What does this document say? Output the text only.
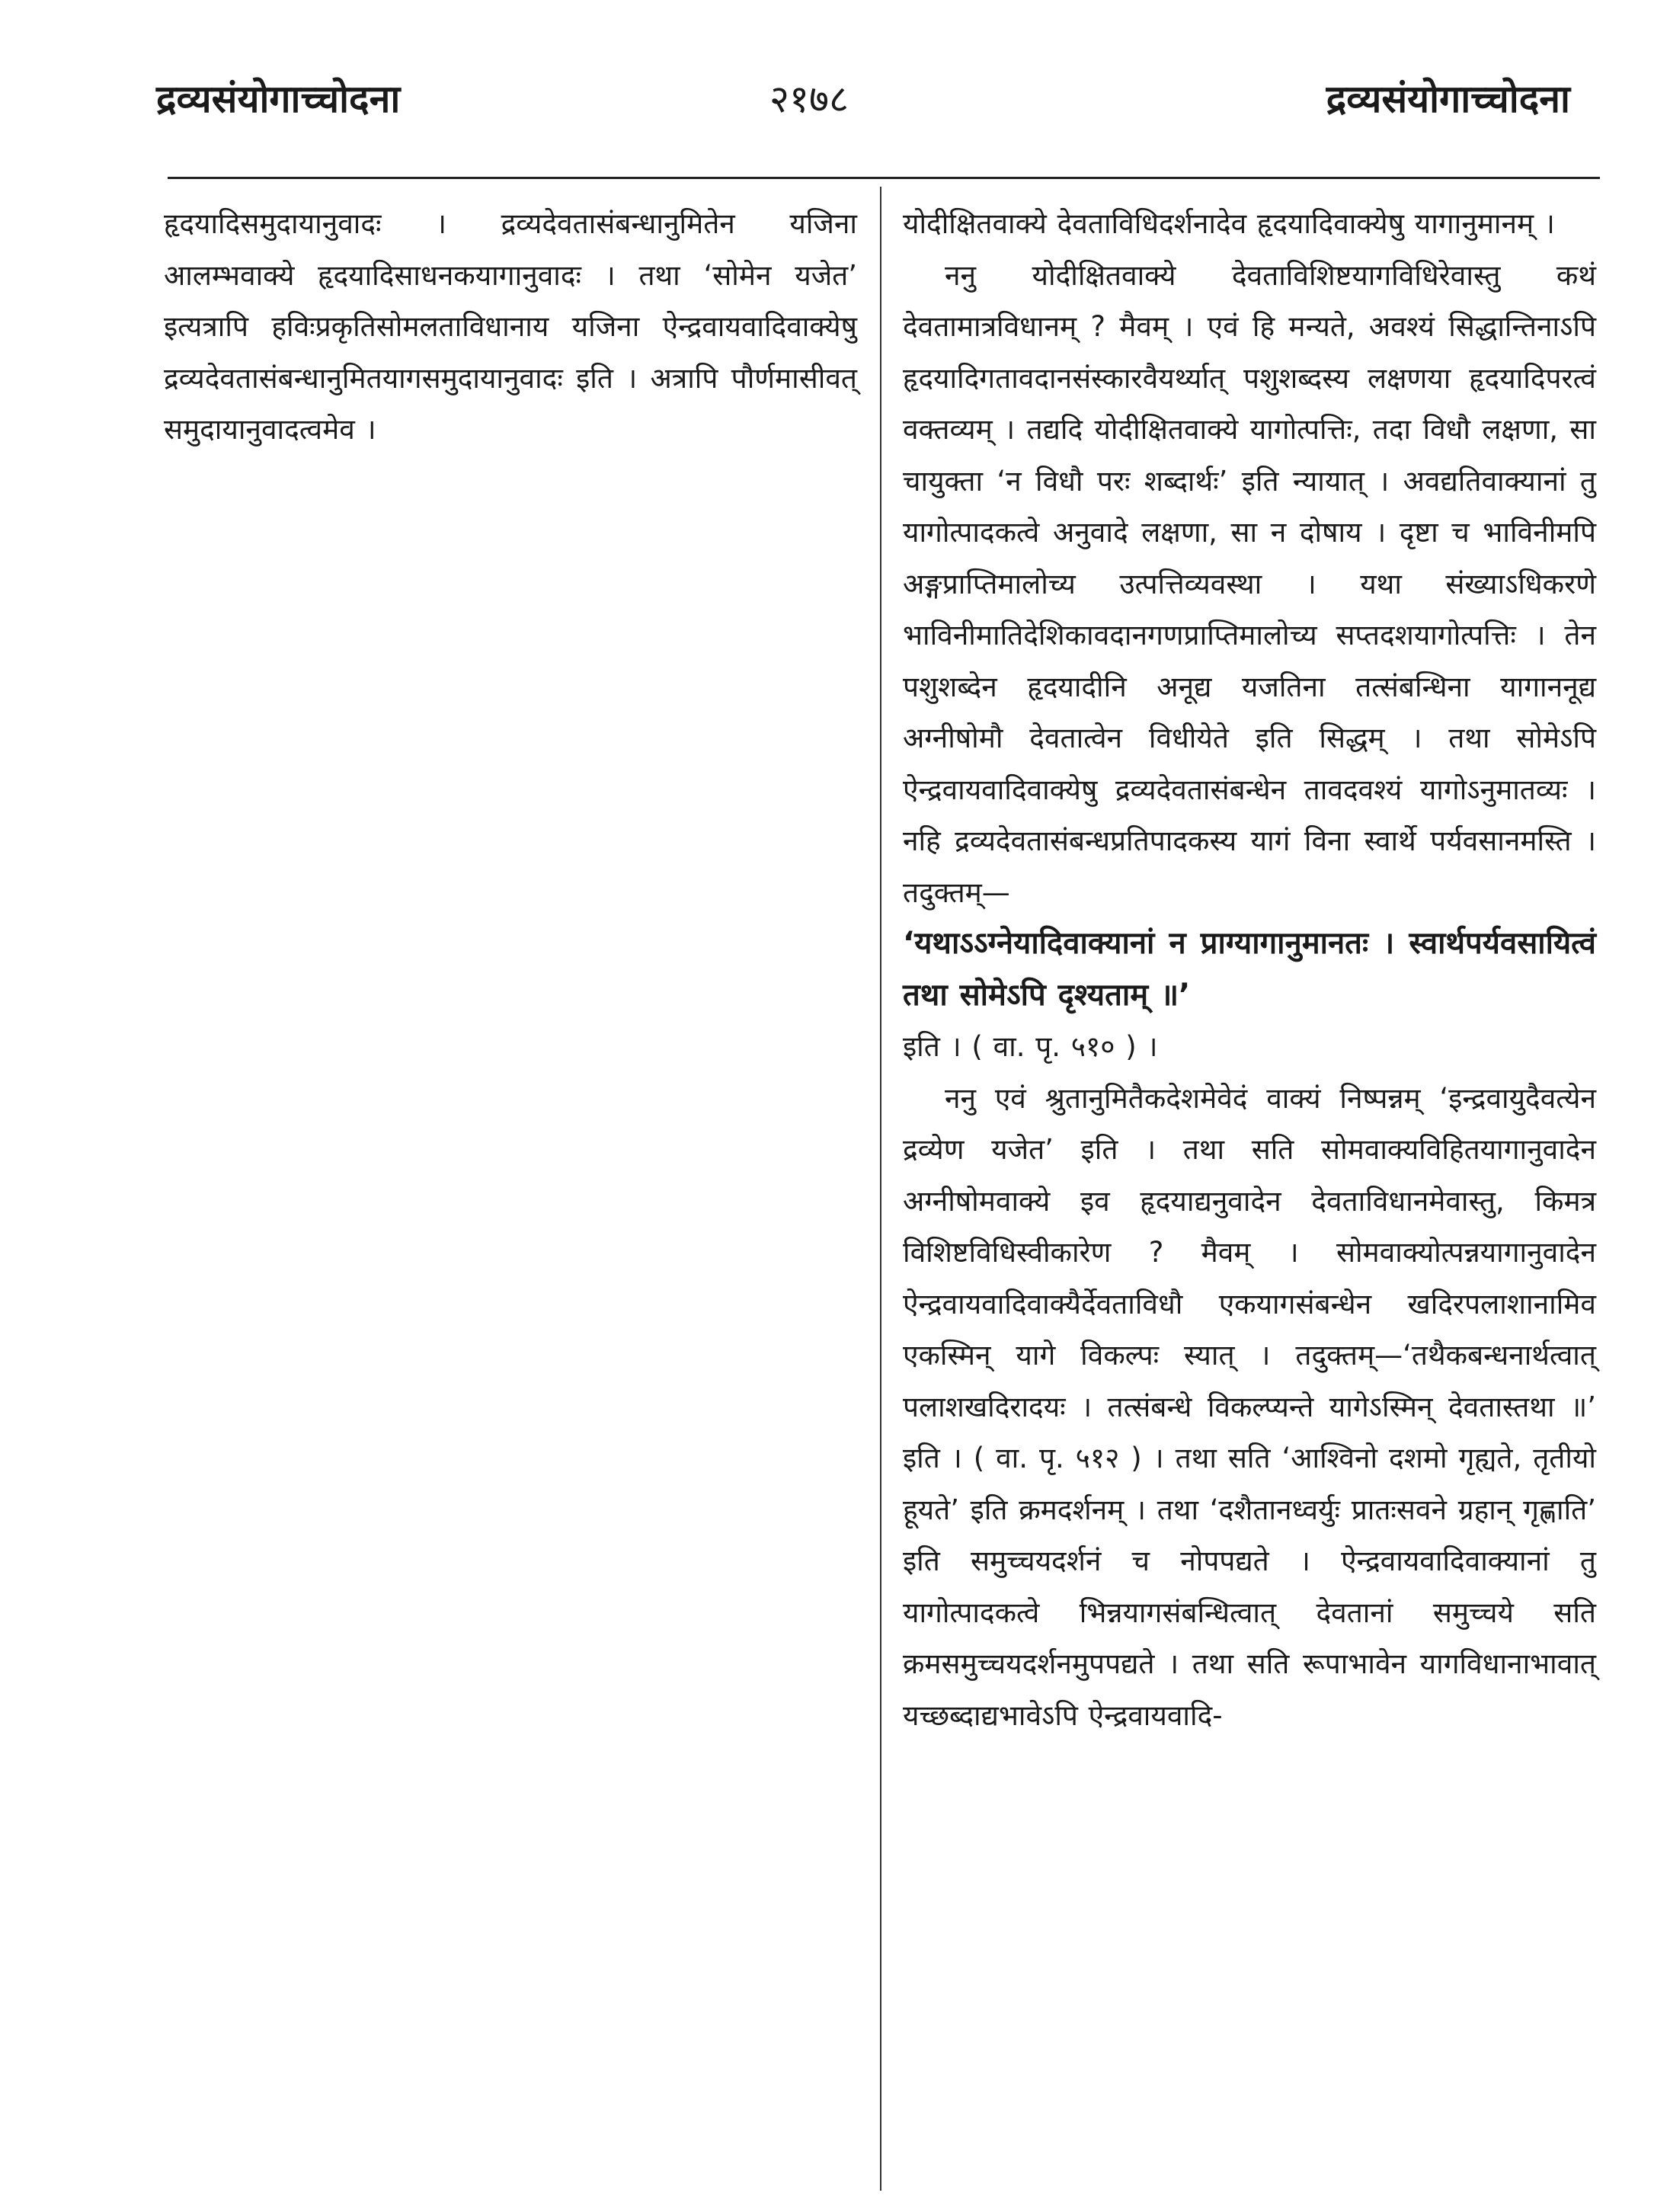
द्रव्यसंयोगाच्चोदना	२१७८	द्रव्यसंयोगाच्चोदना

हृदयादिसमुदायानुवादः । द्रव्यदेवतासंबन्धानुमितेन यजिना आलम्भवाक्ये हृदयादिसाधनकयागानुवादः । तथा ‘सोमेन यजेत’ इत्यत्रापि हविःप्रकृतिसोमलताविधानाय यजिना ऐन्द्रवायवादिवाक्येषु द्रव्यदेवतासंबन्धानुमितयागसमुदायानुवादः इति । अत्रापि पौर्णमासीवत् समुदायानुवादत्वमेव ।

योदीक्षितवाक्ये देवताविधिदर्शनादेव हृदयादिवाक्येषु यागानुमानम् ।

ननु योदीक्षितवाक्ये देवताविशिष्टयागविधिरेवास्तु कथं देवतामात्रविधानम् ? मैवम् । एवं हि मन्यते, अवश्यं सिद्धान्तिनाऽपि हृदयादिगतावदानसंस्कारवैयर्थ्यात् पशुशब्दस्य लक्षणया हृदयादिपरत्वं वक्तव्यम् । तद्यदि योदीक्षितवाक्ये यागोत्पत्तिः, तदा विधौ लक्षणा, सा चायुक्ता ‘न विधौ परः शब्दार्थः’ इति न्यायात् । अवद्यतिवाक्यानां तु यागोत्पादकत्वे अनुवादे लक्षणा, सा न दोषाय । दृष्टा च भाविनीमपि अङ्गप्राप्तिमालोच्य उत्पत्तिव्यवस्था । यथा संख्याऽधिकरणे भाविनीमातिदेशिकावदानगणप्राप्तिमालोच्य सप्तदशयागोत्पत्तिः । तेन पशुशब्देन हृदयादीनि अनूद्य यजतिना तत्संबन्धिना यागाननूद्य अग्नीषोमौ देवतात्वेन विधीयेते इति सिद्धम् । तथा सोमेऽपि ऐन्द्रवायवादिवाक्येषु द्रव्यदेवतासंबन्धेन तावदवश्यं यागोऽनुमातव्यः । नहि द्रव्यदेवतासंबन्धप्रतिपादकस्य यागं विना स्वार्थे पर्यवसानमस्ति । तदुक्तम्—

‘यथाऽऽग्नेयादिवाक्यानां न प्राग्यागानुमानतः । स्वार्थपर्यवसायित्वं तथा सोमेऽपि दृश्यताम् ॥’

इति । ( वा. पृ. ५१० ) ।

ननु एवं श्रुतानुमितैकदेशमेवेदं वाक्यं निष्पन्नम् ‘इन्द्रवायुदैवत्येन द्रव्येण यजेत’ इति । तथा सति सोमवाक्यविहितयागानुवादेन अग्नीषोमवाक्ये इव हृदयाद्यनुवादेन देवताविधानमेवास्तु, किमत्र विशिष्टविधिस्वीकारेण ? मैवम् । सोमवाक्योत्पन्नयागानुवादेन ऐन्द्रवायवादिवाक्यैर्देवताविधौ एकयागसंबन्धेन खदिरपलाशानामिव एकस्मिन् यागे विकल्पः स्यात् । तदुक्तम्—‘तथैकबन्धनार्थत्वात् पलाशखदिरादयः । तत्संबन्धे विकल्प्यन्ते यागेऽस्मिन् देवतास्तथा ॥’ इति । ( वा. पृ. ५१२ ) । तथा सति ‘आश्विनो दशमो गृह्यते, तृतीयो हूयते’ इति क्रमदर्शनम् । तथा ‘दशैतानध्वर्युः प्रातःसवने ग्रहान् गृह्णाति’ इति समुच्चयदर्शनं च नोपपद्यते । ऐन्द्रवायवादिवाक्यानां तु यागोत्पादकत्वे भिन्नयागसंबन्धित्वात् देवतानां समुच्चये सति क्रमसमुच्चयदर्शनमुपपद्यते । तथा सति रूपाभावेन यागविधानाभावात् यच्छब्दाद्यभावेऽपि ऐन्द्रवायवादि-
